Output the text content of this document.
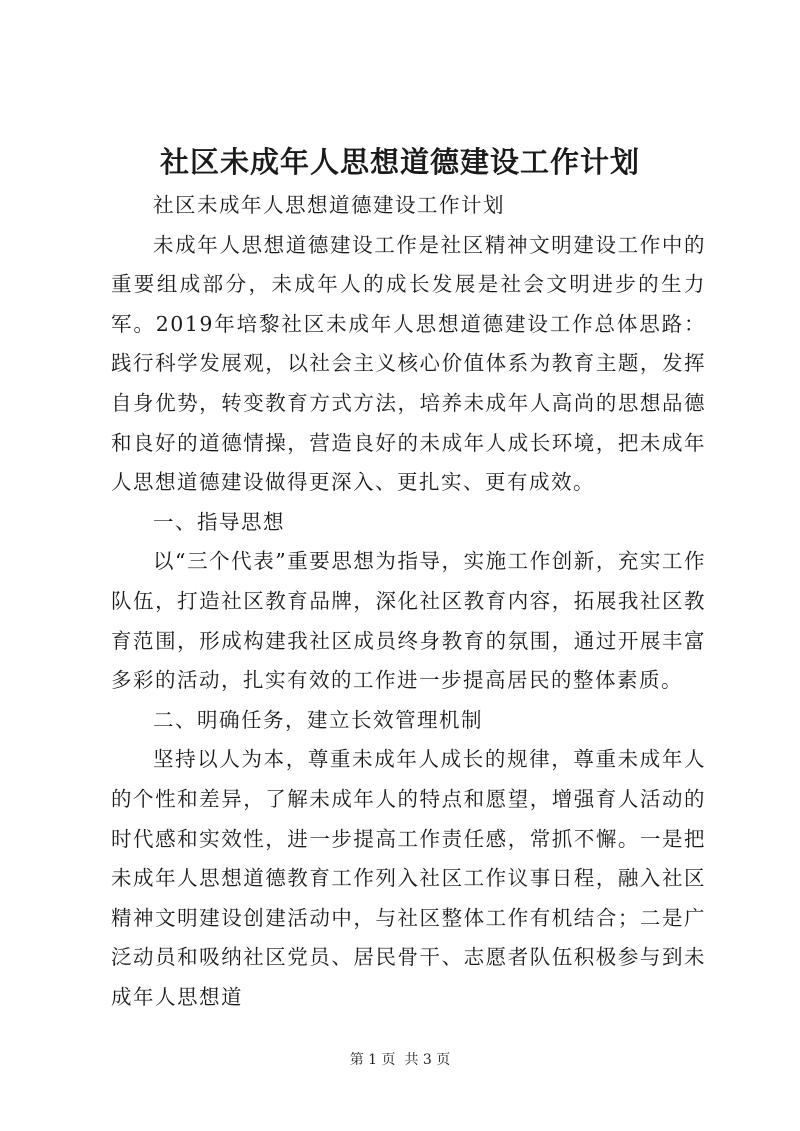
社区未成年人思想道德建设工作计划

社区未成年人思想道德建设工作计划

未成年人思想道德建设工作是社区精神文明建设工作中的重要组成部分，未成年人的成长发展是社会文明进步的生力军。2019年培黎社区未成年人思想道德建设工作总体思路：践行科学发展观，以社会主义核心价值体系为教育主题，发挥自身优势，转变教育方式方法，培养未成年人高尚的思想品德和良好的道德情操，营造良好的未成年人成长环境，把未成年人思想道德建设做得更深入、更扎实、更有成效。

一、指导思想

以“三个代表”重要思想为指导，实施工作创新，充实工作队伍，打造社区教育品牌，深化社区教育内容，拓展我社区教育范围，形成构建我社区成员终身教育的氛围，通过开展丰富多彩的活动，扎实有效的工作进一步提高居民的整体素质。

二、明确任务，建立长效管理机制

坚持以人为本，尊重未成年人成长的规律，尊重未成年人的个性和差异，了解未成年人的特点和愿望，增强育人活动的时代感和实效性，进一步提高工作责任感，常抓不懈。一是把未成年人思想道德教育工作列入社区工作议事日程，融入社区精神文明建设创建活动中，与社区整体工作有机结合；二是广泛动员和吸纳社区党员、居民骨干、志愿者队伍积极参与到未成年人思想道

第 1 页  共 3 页
